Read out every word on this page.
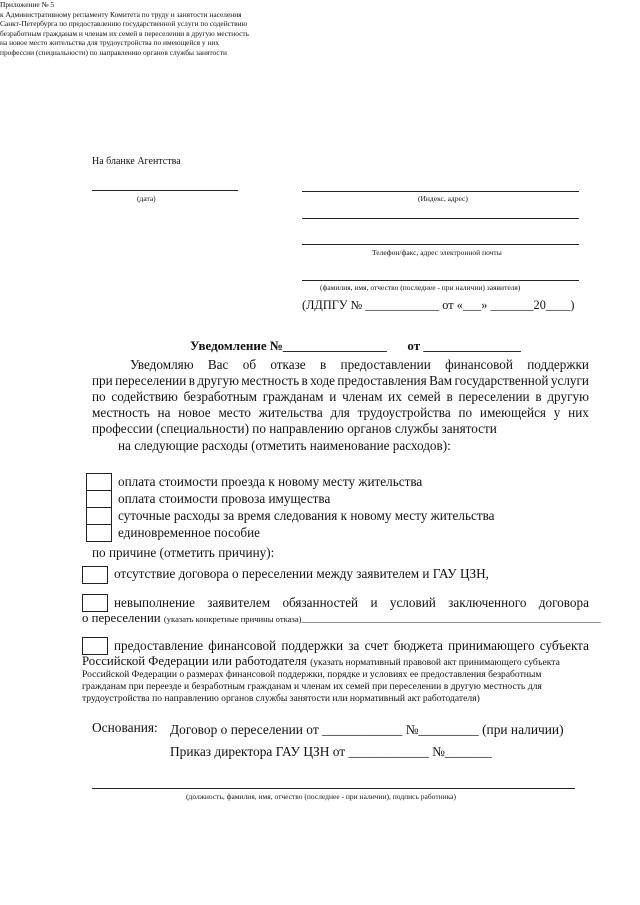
Приложение № 5
к Административному регламенту Комитета по труду и занятости населения
Санкт-Петербурга по предоставлению государственной услуги по содействию
безработным гражданам и членам их семей в переселении в другую местность
на новое место жительства для трудоустройства по имеющейся у них
профессии (специальности) по направлению органов службы занятости
На бланке Агентства
(дата)	(Индекс, адрес)
Телефон/факс, адрес электронной почты
(фамилия, имя, отчество (последнее - при наличии) заявителя)
(ЛДПГУ № ____________ от «___» _______20____)
Уведомление №________________ от _______________
Уведомляю Вас об отказе в предоставлении финансовой поддержки
при переселении в другую местность в ходе предоставления Вам государственной услуги
по содействию безработным гражданам и членам их семей в переселении в другую
местность на новое место жительства для трудоустройства по имеющейся у них
профессии (специальности) по направлению органов службы занятости
на следующие расходы (отметить наименование расходов):
оплата стоимости проезда к новому месту жительства
оплата стоимости провоза имущества
суточные расходы за время следования к новому месту жительства
единовременное пособие
по причине (отметить причину):
отсутствие договора о переселении между заявителем и ГАУ ЦЗН,
невыполнение заявителем обязанностей и условий заключенного договора
о переселении (указать конкретные причины отказа)_______________________________________________________________
предоставление финансовой поддержки за счет бюджета принимающего субъекта
Российской Федерации или работодателя (указать нормативный правовой акт принимающего субъекта
Российской Федерации о размерах финансовой поддержки, порядке и условиях ее предоставления безработным
гражданам при переезде и безработным гражданам и членам их семей при переселении в другую местность для
трудоустройства по направлению органов службы занятости или нормативный акт работодателя)
Основания: Договор о переселении от ____________ №_________ (при наличии)
Приказ директора ГАУ ЦЗН от ____________ №_______
(должность, фамилия, имя, отчество (последнее - при наличии), подпись работника)
